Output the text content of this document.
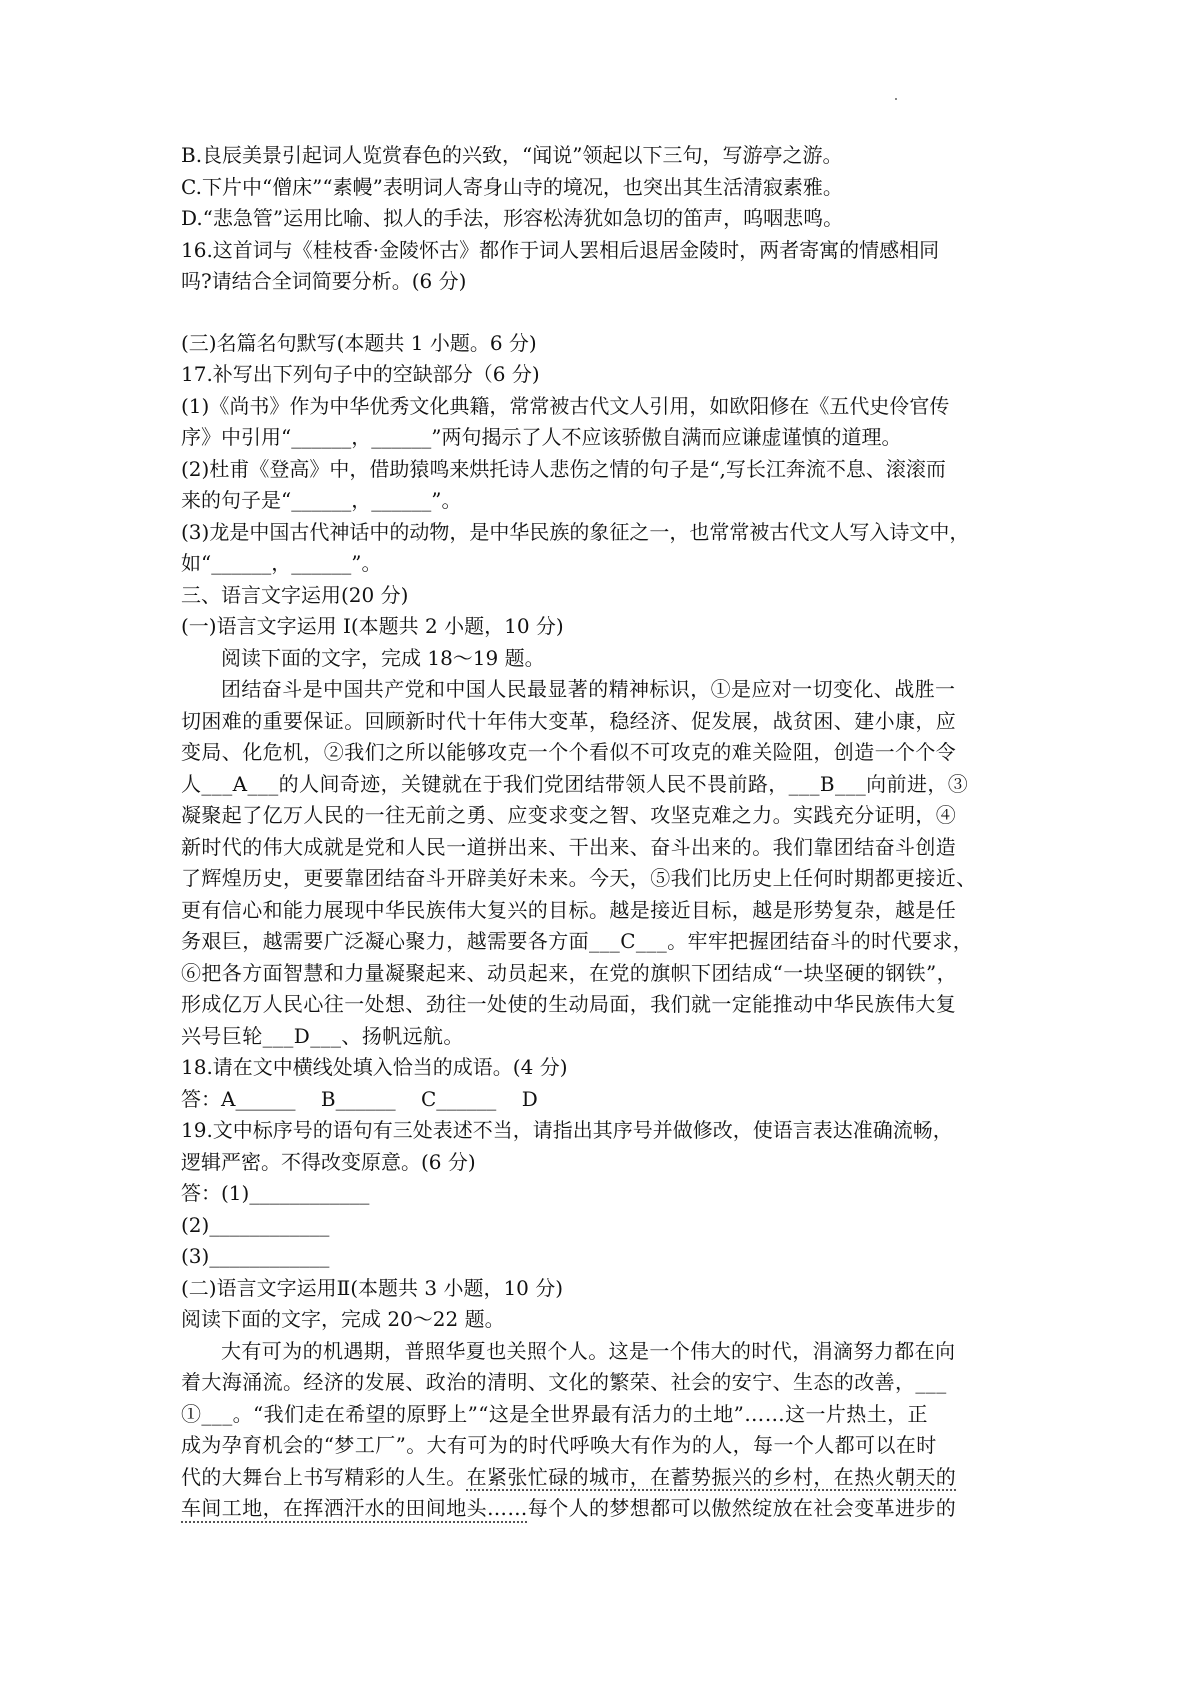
B.良辰美景引起词人览赏春色的兴致，“闻说”领起以下三句，写游亭之游。
C.下片中“僧床”“素幔”表明词人寄身山寺的境况，也突出其生活清寂素雅。
D.“悲急管”运用比喻、拟人的手法，形容松涛犹如急切的笛声，呜咽悲鸣。
16.这首词与《桂枝香·金陵怀古》都作于词人罢相后退居金陵时，两者寄寓的情感相同
吗?请结合全词简要分析。(6 分)
(三)名篇名句默写(本题共 1 小题。6 分)
17.补写出下列句子中的空缺部分（6 分)
(1)《尚书》作为中华优秀文化典籍，常常被古代文人引用，如欧阳修在《五代史伶官传
序》中引用“______，______”两句揭示了人不应该骄傲自满而应谦虚谨慎的道理。
(2)杜甫《登高》中，借助猿鸣来烘托诗人悲伤之情的句子是“,写长江奔流不息、滚滚而
来的句子是“______，______”。
(3)龙是中国古代神话中的动物，是中华民族的象征之一，也常常被古代文人写入诗文中，
如“______，______”。
三、语言文字运用(20 分)
(一)语言文字运用 I(本题共 2 小题，10 分)
阅读下面的文字，完成 18～19 题。
团结奋斗是中国共产党和中国人民最显著的精神标识，①是应对一切变化、战胜一
切困难的重要保证。回顾新时代十年伟大变革，稳经济、促发展，战贫困、建小康，应
变局、化危机，②我们之所以能够攻克一个个看似不可攻克的难关险阻，创造一个个令
人___A___的人间奇迹，关键就在于我们党团结带领人民不畏前路，___B___向前进，③
凝聚起了亿万人民的一往无前之勇、应变求变之智、攻坚克难之力。实践充分证明，④
新时代的伟大成就是党和人民一道拼出来、干出来、奋斗出来的。我们靠团结奋斗创造
了辉煌历史，更要靠团结奋斗开辟美好未来。今天，⑤我们比历史上任何时期都更接近、
更有信心和能力展现中华民族伟大复兴的目标。越是接近目标，越是形势复杂，越是任
务艰巨，越需要广泛凝心聚力，越需要各方面___C___。牢牢把握团结奋斗的时代要求，
⑥把各方面智慧和力量凝聚起来、动员起来，在党的旗帜下团结成“一块坚硬的钢铁”，
形成亿万人民心往一处想、劲往一处使的生动局面，我们就一定能推动中华民族伟大复
兴号巨轮___D___、扬帆远航。
18.请在文中横线处填入恰当的成语。(4 分)
答：A______    B______    C______    D
19.文中标序号的语句有三处表述不当，请指出其序号并做修改，使语言表达准确流畅，
逻辑严密。不得改变原意。(6 分)
答：(1)____________
(2)____________
(3)____________
(二)语言文字运用Ⅱ(本题共 3 小题，10 分)
阅读下面的文字，完成 20～22 题。
大有可为的机遇期，普照华夏也关照个人。这是一个伟大的时代，涓滴努力都在向
着大海涌流。经济的发展、政治的清明、文化的繁荣、社会的安宁、生态的改善，___
①___。“我们走在希望的原野上”“这是全世界最有活力的土地”……这一片热土，正
成为孕育机会的“梦工厂”。大有可为的时代呼唤大有作为的人，每一个人都可以在时
代的大舞台上书写精彩的人生。在紧张忙碌的城市，在蓄势振兴的乡村，在热火朝天的
车间工地，在挥洒汗水的田间地头……每个人的梦想都可以傲然绽放在社会变革进步的
